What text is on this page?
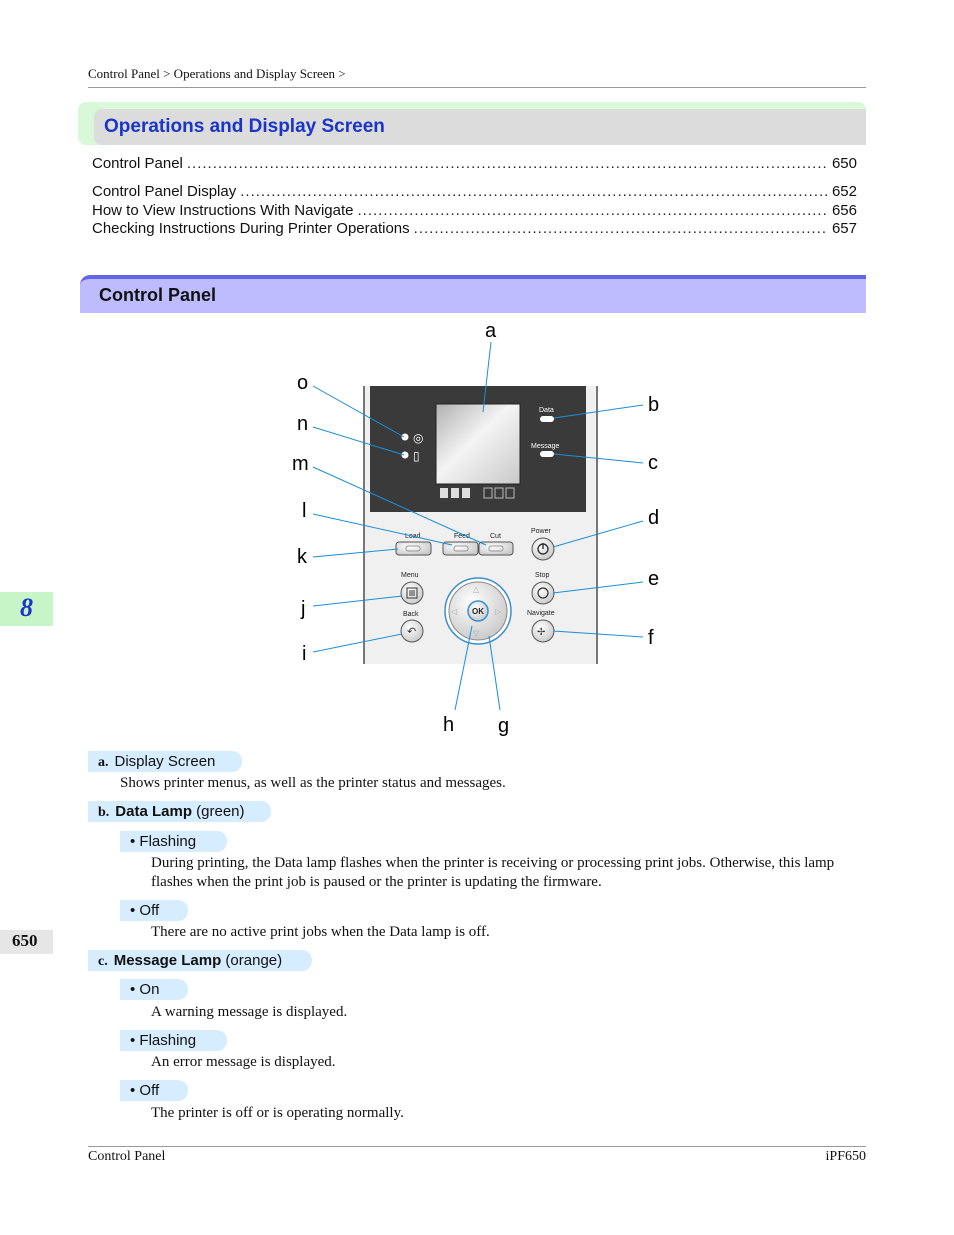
Control Panel > Operations and Display Screen >
Operations and Display Screen
Control Panel .....	650
Control Panel Display .....	652
How to View Instructions With Navigate .....	656
Checking Instructions During Printer Operations .....	657
Control Panel
◎
▯
Data
Message
Load	Feed	Cut
Power
Menu
Back
↶
Stop
Navigate
✢
△
▽
◁	▷
OK
a
b
c
d
e
f
g
h
i
j
k
l
m
n
o
8
a. Display Screen
Shows printer menus, as well as the printer status and messages.
b. Data Lamp (green)
• Flashing
During printing, the Data lamp flashes when the printer is receiving or processing print jobs. Otherwise, this lamp flashes when the print job is paused or the printer is updating the firmware.
• Off
There are no active print jobs when the Data lamp is off.
650
c. Message Lamp (orange)
• On
A warning message is displayed.
• Flashing
An error message is displayed.
• Off
The printer is off or is operating normally.
Control Panel	iPF650
